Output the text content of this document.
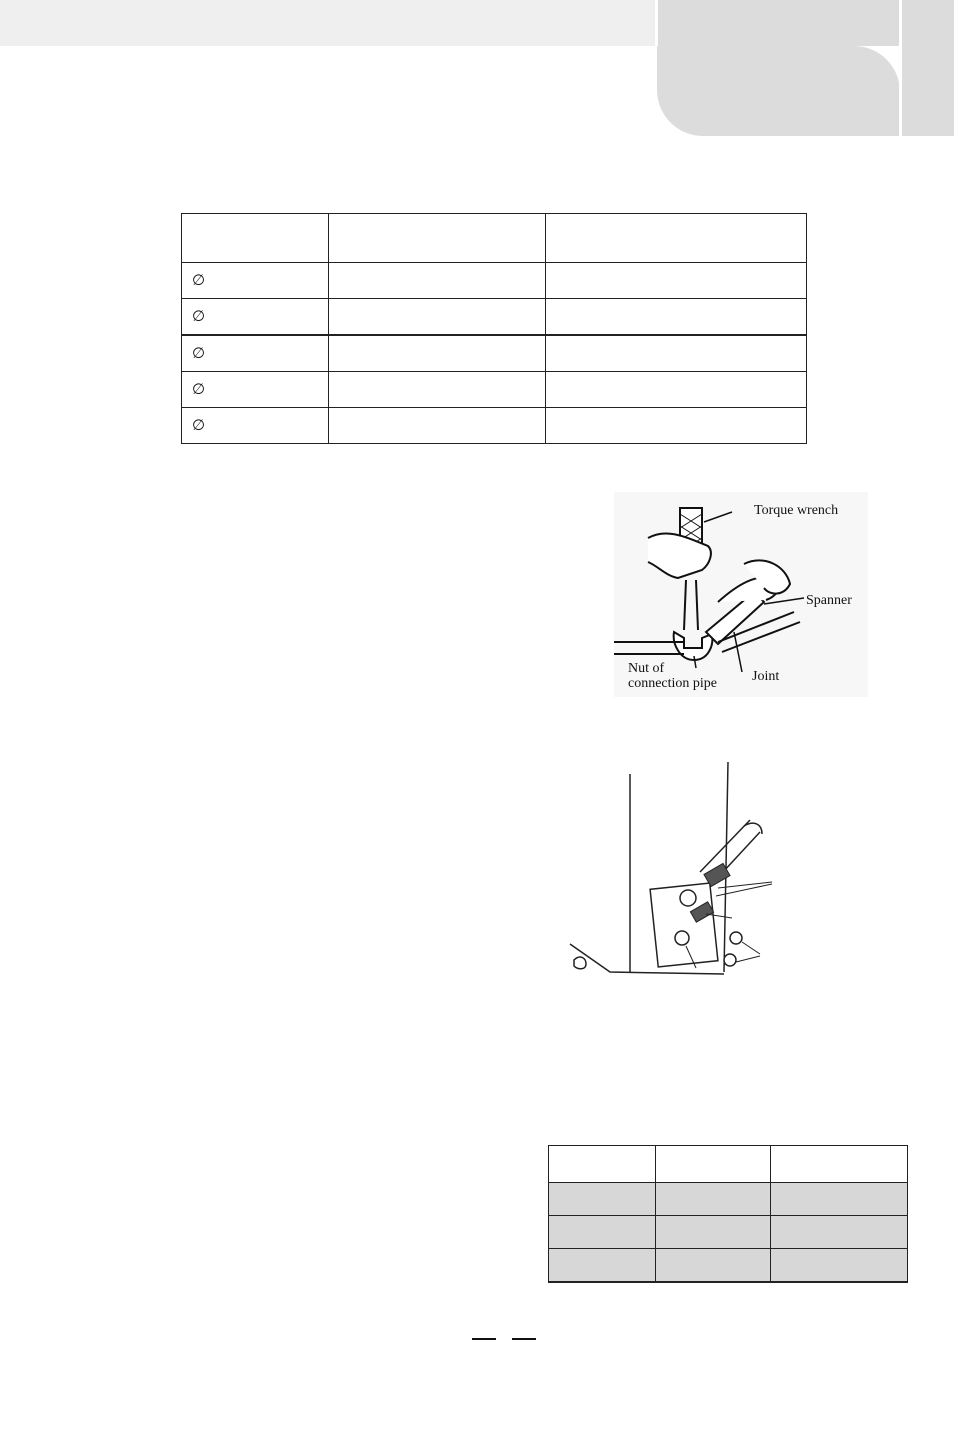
∅		
∅		
∅		
∅		
∅		
Torque wrench
Spanner
Nut of
connection pipe Joint
